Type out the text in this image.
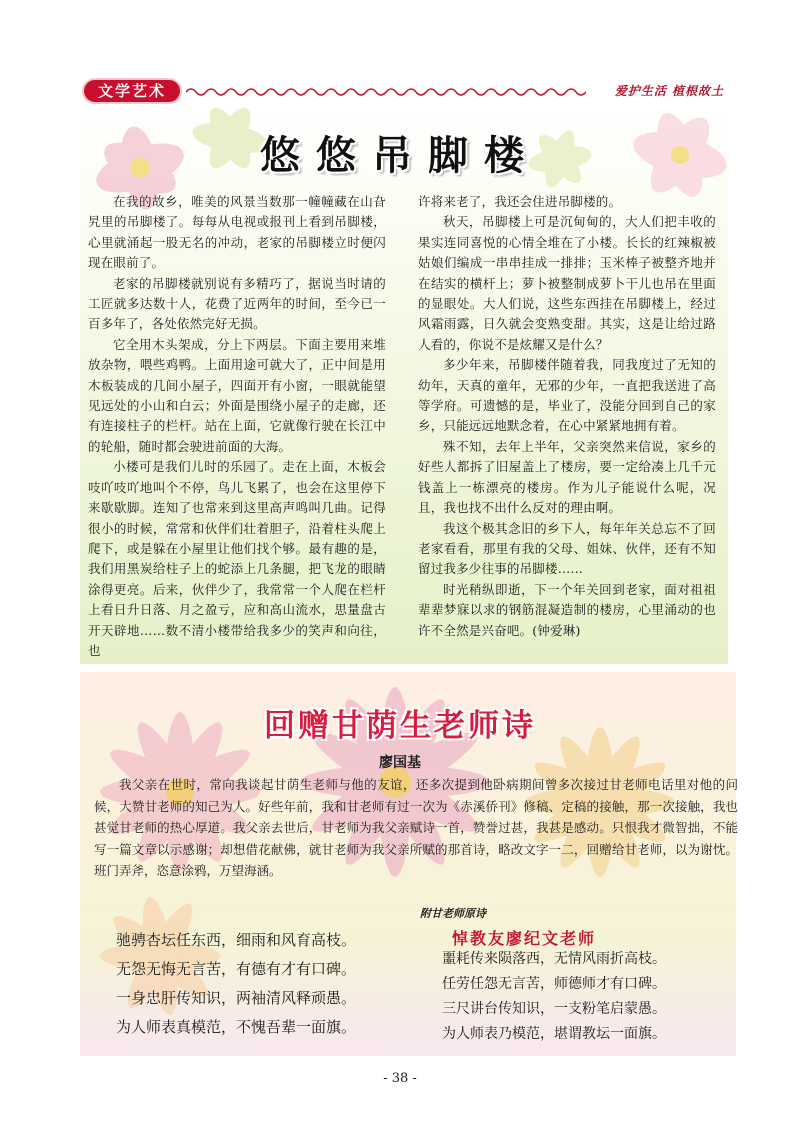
文学艺术	爱护生活 植根故土
悠悠吊脚楼

在我的故乡，唯美的风景当数那一幢幢藏在山旮旯里的吊脚楼了。每每从电视或报刊上看到吊脚楼，心里就涌起一股无名的冲动，老家的吊脚楼立时便闪现在眼前了。

老家的吊脚楼就别说有多精巧了，据说当时请的工匠就多达数十人，花费了近两年的时间，至今已一百多年了，各处依然完好无损。

它全用木头架成，分上下两层。下面主要用来堆放杂物，喂些鸡鸭。上面用途可就大了，正中间是用木板装成的几间小屋子，四面开有小窗，一眼就能望见远处的小山和白云；外面是围绕小屋子的走廊，还有连接柱子的栏杆。站在上面，它就像行驶在长江中的轮船，随时都会驶进前面的大海。

小楼可是我们儿时的乐园了。走在上面，木板会吱吖吱吖地叫个不停，鸟儿飞累了，也会在这里停下来歇歇脚。连知了也常来到这里高声鸣叫几曲。记得很小的时候，常常和伙伴们壮着胆子，沿着柱头爬上爬下，或是躲在小屋里让他们找个够。最有趣的是，我们用黑炭给柱子上的蛇添上几条腿，把飞龙的眼睛涂得更亮。后来，伙伴少了，我常常一个人爬在栏杆上看日升日落、月之盈亏，应和高山流水，思量盘古开天辟地……数不清小楼带给我多少的笑声和向往，也

许将来老了，我还会住进吊脚楼的。

秋天，吊脚楼上可是沉甸甸的，大人们把丰收的果实连同喜悦的心情全堆在了小楼。长长的红辣椒被姑娘们编成一串串挂成一排排；玉米棒子被整齐地并在结实的横杆上；萝卜被整制成萝卜干儿也吊在里面的显眼处。大人们说，这些东西挂在吊脚楼上，经过风霜雨露，日久就会变熟变甜。其实，这是让给过路人看的，你说不是炫耀又是什么？

多少年来，吊脚楼伴随着我，同我度过了无知的幼年，天真的童年，无邪的少年，一直把我送进了高等学府。可遗憾的是，毕业了，没能分回到自己的家乡，只能远远地默念着，在心中紧紧地拥有着。

殊不知，去年上半年，父亲突然来信说，家乡的好些人都拆了旧屋盖上了楼房，要一定给凑上几千元钱盖上一栋漂亮的楼房。作为儿子能说什么呢，况且，我也找不出什么反对的理由啊。

我这个极其念旧的乡下人，每年年关总忘不了回老家看看，那里有我的父母、姐妹、伙伴，还有不知留过我多少往事的吊脚楼……

时光稍纵即逝，下一个年关回到老家，面对祖祖辈辈梦寐以求的钢筋混凝造制的楼房，心里涌动的也许不全然是兴奋吧。(钟爱琳)

回赠甘荫生老师诗
廖国基

我父亲在世时，常向我谈起甘荫生老师与他的友谊，还多次提到他卧病期间曾多次接过甘老师电话里对他的问候，大赞甘老师的知己为人。好些年前，我和甘老师有过一次为《赤溪侨刊》修稿、定稿的接触，那一次接触，我也甚觉甘老师的热心厚道。我父亲去世后，甘老师为我父亲赋诗一首，赞誉过甚，我甚是感动。只恨我才微智拙，不能写一篇文章以示感谢；却想借花献佛，就甘老师为我父亲所赋的那首诗，略改文字一二，回赠给甘老师，以为谢忱。班门弄斧，恣意涂鸦，万望海涵。

驰骋杏坛任东西，细雨和风育高枝。
无怨无悔无言苦，有德有才有口碑。
一身忠肝传知识，两袖清风释顽愚。
为人师表真模范，不愧吾辈一面旗。
附甘老师原诗
悼教友廖纪文老师
噩耗传来陨落西，无情风雨折高枝。
任劳任怨无言苦，师德师才有口碑。
三尺讲台传知识，一支粉笔启蒙愚。
为人师表乃模范，堪谓教坛一面旗。
- 38 -
